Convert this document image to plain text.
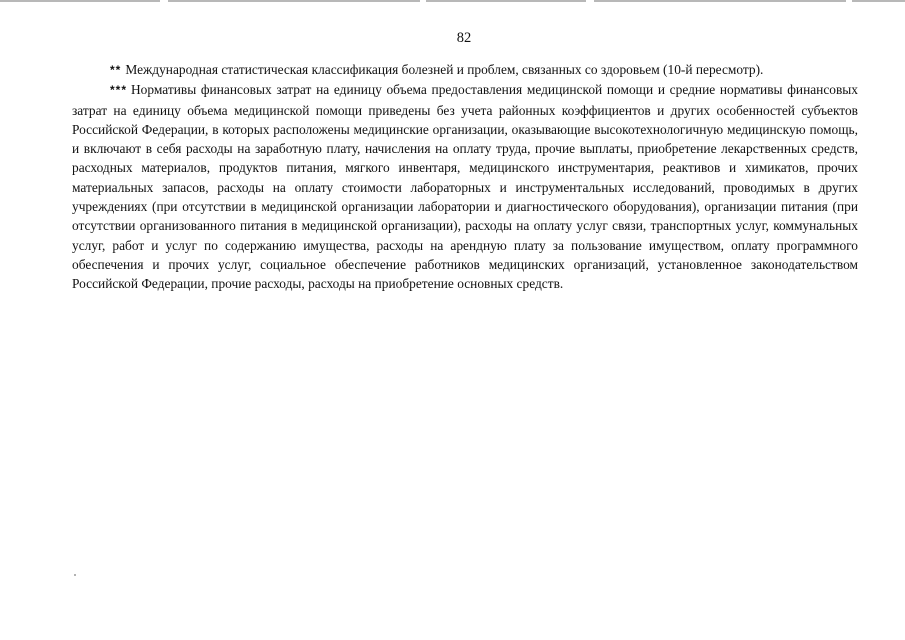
82

** Международная статистическая классификация болезней и проблем, связанных со здоровьем (10-й пересмотр).

*** Нормативы финансовых затрат на единицу объема предоставления медицинской помощи и средние нормативы финансовых затрат на единицу объема медицинской помощи приведены без учета районных коэффициентов и других особенностей субъектов Российской Федерации, в которых расположены медицинские организации, оказывающие высокотехнологичную медицинскую помощь, и включают в себя расходы на заработную плату, начисления на оплату труда, прочие выплаты, приобретение лекарственных средств, расходных материалов, продуктов питания, мягкого инвентаря, медицинского инструментария, реактивов и химикатов, прочих материальных запасов, расходы на оплату стоимости лабораторных и инструментальных исследований, проводимых в других учреждениях (при отсутствии в медицинской организации лаборатории и диагностического оборудования), организации питания (при отсутствии организованного питания в медицинской организации), расходы на оплату услуг связи, транспортных услуг, коммунальных услуг, работ и услуг по содержанию имущества, расходы на арендную плату за пользование имуществом, оплату программного обеспечения и прочих услуг, социальное обеспечение работников медицинских организаций, установленное законодательством Российской Федерации, прочие расходы, расходы на приобретение основных средств.
